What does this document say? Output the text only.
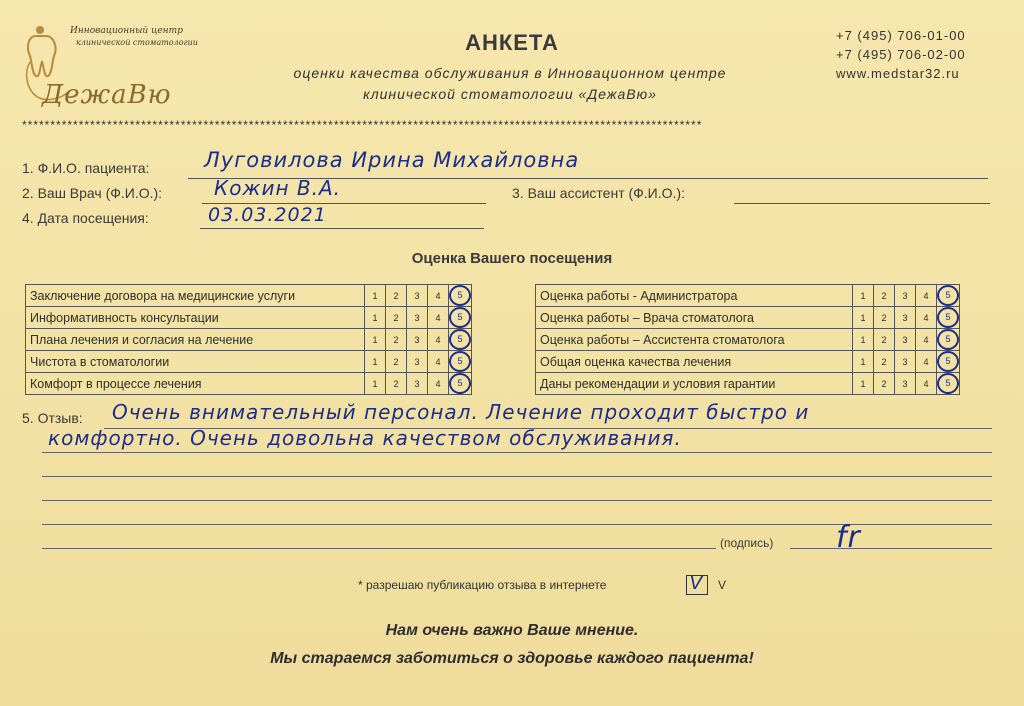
Инновационный центр
клинической стоматологии
ДежаВю
АНКЕТА
оценки качества обслуживания в Инновационном центре
клинической стоматологии «ДежаВю»
+7 (495) 706-01-00
+7 (495) 706-02-00
www.medstar32.ru
************************************************************************************************************************
1. Ф.И.О. пациента:	Луговилова Ирина Михайловна
2. Ваш Врач (Ф.И.О.):	Кожин В.А.	3. Ваш ассистент (Ф.И.О.):
4. Дата посещения:	03.03.2021
Оценка Вашего посещения
Заключение договора на медицинские услуги	1	2	3	4	5
Информативность консультации	1	2	3	4	5
Плана лечения и согласия на лечение	1	2	3	4	5
Чистота в стоматологии	1	2	3	4	5
Комфорт в процессе лечения	1	2	3	4	5
Оценка работы - Администратора	1	2	3	4	5
Оценка работы – Врача стоматолога	1	2	3	4	5
Оценка работы – Ассистента стоматолога	1	2	3	4	5
Общая оценка качества лечения	1	2	3	4	5
Даны рекомендации и условия гарантии	1	2	3	4	5
5. Отзыв: Очень внимательный персонал. Лечение проходит быстро и
комфортно. Очень довольна качеством обслуживания.
(подпись) fr
* разрешаю публикацию отзыва в интернете	V V
Нам очень важно Ваше мнение.
Мы стараемся заботиться о здоровье каждого пациента!
